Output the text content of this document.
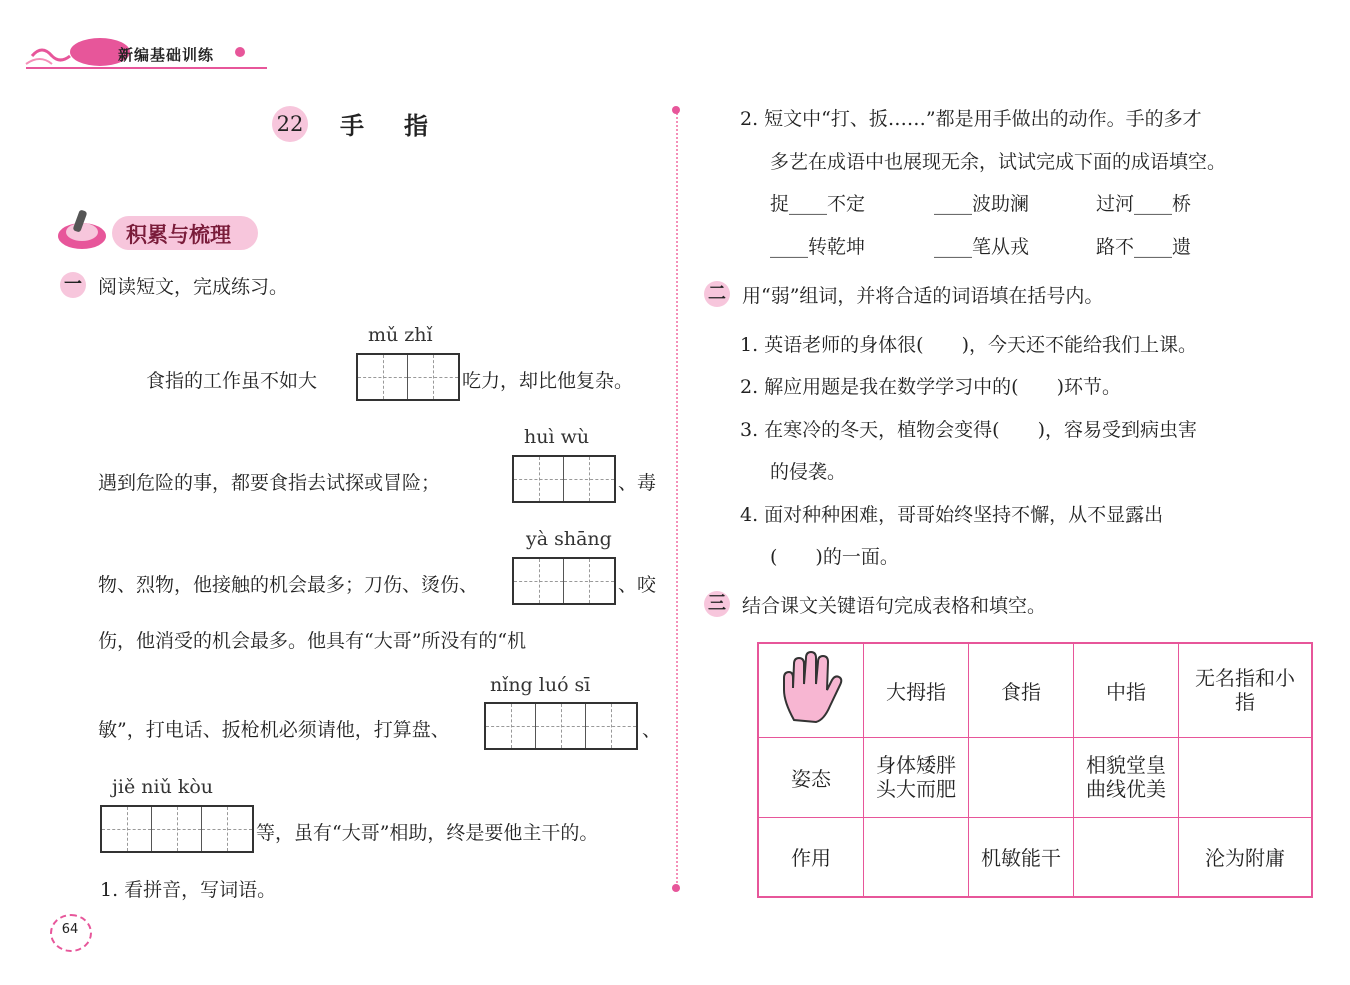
新编基础训练
22 手指
积累与梳理
一 阅读短文，完成练习。
mǔ zhǐ
食指的工作虽不如大	吃力，却比他复杂。
huì wù
遇到危险的事，都要食指去试探或冒险；	、毒
yà shāng
物、烈物，他接触的机会最多；刀伤、烫伤、	、咬
伤，他消受的机会最多。他具有“大哥”所没有的“机
nǐng luó sī
敏”，打电话、扳枪机必须请他，打算盘、	、
jiě niǔ kòu
等，虽有“大哥”相助，终是要他主干的。
1. 看拼音，写词语。
64
2. 短文中“打、扳……”都是用手做出的动作。手的多才
多艺在成语中也展现无余，试试完成下面的成语填空。
捉____不定	____波助澜	过河____桥
____转乾坤	____笔从戎	路不____遗
二 用“弱”组词，并将合适的词语填在括号内。
1. 英语老师的身体很(　　)，今天还不能给我们上课。
2. 解应用题是我在数学学习中的(　　)环节。
3. 在寒冷的冬天，植物会变得(　　)，容易受到病虫害
的侵袭。
4. 面对种种困难，哥哥始终坚持不懈，从不显露出
(　　)的一面。
三 结合课文关键语句完成表格和填空。
	大拇指	食指	中指	无名指和小指
姿态	身体矮胖头大而肥		相貌堂皇曲线优美	
作用		机敏能干		沦为附庸
